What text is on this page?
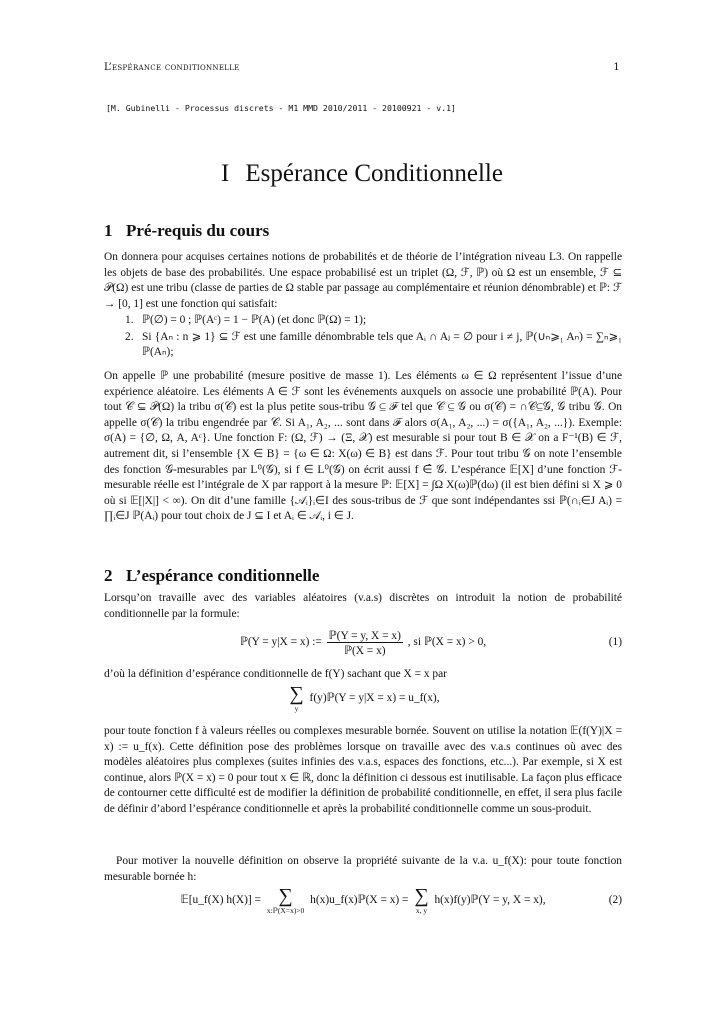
L’espérance conditionnelle	1
[M. Gubinelli - Processus discrets - M1 MMD 2010/2011 - 20100921 - v.1]
I Espérance Conditionnelle
1 Pré-requis du cours

On donnera pour acquises certaines notions de probabilités et de théorie de l’intégration niveau L3. On rappelle les objets de base des probabilités. Une espace probabilisé est un triplet (Ω, ℱ, ℙ) où Ω est un ensemble, ℱ ⊆ 𝒫(Ω) est une tribu (classe de parties de Ω stable par passage au complémentaire et réunion dénombrable) et ℙ: ℱ → [0, 1] est une fonction qui satisfait:

1. ℙ(∅) = 0 ; ℙ(Aᶜ) = 1 − ℙ(A) (et donc ℙ(Ω) = 1);
2. Si {Aₙ : n ⩾ 1} ⊆ ℱ est une famille dénombrable tels que Aᵢ ∩ Aⱼ = ∅ pour i ≠ j, ℙ(∪ₙ⩾₁ Aₙ) = ∑ₙ⩾₁ ℙ(Aₙ);

On appelle ℙ une probabilité (mesure positive de masse 1). Les éléments ω ∈ Ω représentent l’issue d’une expérience aléatoire. Les éléments A ∈ ℱ sont les événements auxquels on associe une probabilité ℙ(A). Pour tout 𝒞 ⊆ 𝒫(Ω) la tribu σ(𝒞) est la plus petite sous-tribu 𝒢 ⊆ ℱ tel que 𝒞 ⊆ 𝒢 ou σ(𝒞) = ∩𝒞⊆𝒢, 𝒢 tribu 𝒢. On appelle σ(𝒞) la tribu engendrée par 𝒞. Si A₁, A₂, ... sont dans ℱ alors σ(A₁, A₂, ...) = σ({A₁, A₂, ...}). Exemple: σ(A) = {∅, Ω, A, Aᶜ}. Une fonction F: (Ω, ℱ) → (Ξ, 𝒳) est mesurable si pour tout B ∈ 𝒳 on a F⁻¹(B) ∈ ℱ, autrement dit, si l’ensemble {X ∈ B} = {ω ∈ Ω: X(ω) ∈ B} est dans ℱ. Pour tout tribu 𝒢 on note l’ensemble des fonction 𝒢-mesurables par L⁰(𝒢), si f ∈ L⁰(𝒢) on écrit aussi f ∈̂ 𝒢. L’espérance 𝔼[X] d’une fonction ℱ-mesurable réelle est l’intégrale de X par rapport à la mesure ℙ: 𝔼[X] = ∫Ω X(ω)ℙ(dω) (il est bien défini si X ⩾ 0 où si 𝔼[|X|] < ∞). On dit d’une famille {𝒜ᵢ}ᵢ∈I des sous-tribus de ℱ que sont indépendantes ssi ℙ(∩ᵢ∈J Aᵢ) = ∏ᵢ∈J ℙ(Aᵢ) pour tout choix de J ⊆ I et Aᵢ ∈ 𝒜ᵢ, i ∈ J.

2 L’espérance conditionnelle

Lorsqu’on travaille avec des variables aléatoires (v.a.s) discrètes on introduit la notion de probabilité conditionnelle par la formule:

ℙ(Y = y|X = x) := $\frac{\text{ℙ(Y = y, X = x)}}{\text{ℙ(X = x)}}$ , si ℙ(X = x) > 0,	(1)

d’où la définition d’espérance conditionnelle de f(Y) sachant que X = x par

∑
y
f(y)ℙ(Y = y|X = x) = u_f(x),

pour toute fonction f à valeurs réelles ou complexes mesurable bornée. Souvent on utilise la notation 𝔼(f(Y)|X = x) := u_f(x). Cette définition pose des problèmes lorsque on travaille avec des v.a.s continues où avec des modèles aléatoires plus complexes (suites infinies des v.a.s, espaces des fonctions, etc...). Par exemple, si X est continue, alors ℙ(X = x) = 0 pour tout x ∈ ℝ, donc la définition ci dessous est inutilisable. La façon plus efficace de contourner cette difficulté est de modifier la définition de probabilité conditionnelle, en effet, il sera plus facile de définir d’abord l’espérance conditionnelle et après la probabilité conditionnelle comme un sous-produit.

Pour motiver la nouvelle définition on observe la propriété suivante de la v.a. u_f(X): pour toute fonction mesurable bornée h:

𝔼[u_f(X) h(X)] = ∑
x:ℙ(X=x)>0
h(x)u_f(x)ℙ(X = x) = ∑
x, y
h(x)f(y)ℙ(Y = y, X = x),	(2)
